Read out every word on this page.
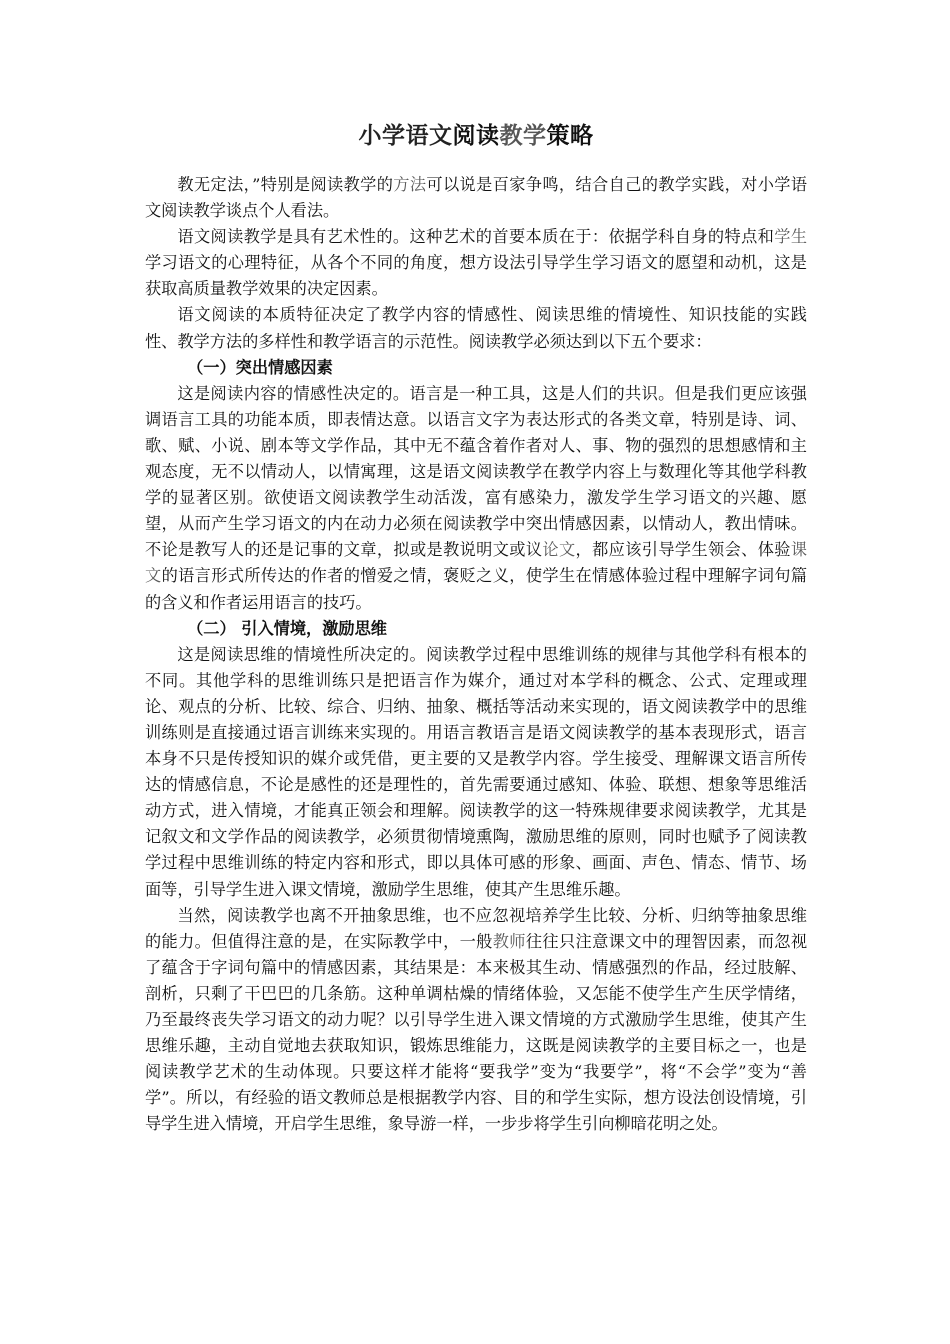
小学语文阅读教学策略

教无定法，”特别是阅读教学的方法可以说是百家争鸣，结合自己的教学实践，对小学语文阅读教学谈点个人看法。

语文阅读教学是具有艺术性的。这种艺术的首要本质在于：依据学科自身的特点和学生学习语文的心理特征，从各个不同的角度，想方设法引导学生学习语文的愿望和动机，这是获取高质量教学效果的决定因素。

语文阅读的本质特征决定了教学内容的情感性、阅读思维的情境性、知识技能的实践性、教学方法的多样性和教学语言的示范性。阅读教学必须达到以下五个要求：

（一）突出情感因素

这是阅读内容的情感性决定的。语言是一种工具，这是人们的共识。但是我们更应该强调语言工具的功能本质，即表情达意。以语言文字为表达形式的各类文章，特别是诗、词、歌、赋、小说、剧本等文学作品，其中无不蕴含着作者对人、事、物的强烈的思想感情和主观态度，无不以情动人，以情寓理，这是语文阅读教学在教学内容上与数理化等其他学科教学的显著区别。欲使语文阅读教学生动活泼，富有感染力，激发学生学习语文的兴趣、愿望，从而产生学习语文的内在动力必须在阅读教学中突出情感因素，以情动人，教出情味。不论是教写人的还是记事的文章，拟或是教说明文或议论文，都应该引导学生领会、体验课文的语言形式所传达的作者的憎爱之情，褒贬之义，使学生在情感体验过程中理解字词句篇的含义和作者运用语言的技巧。

（二） 引入情境，激励思维

这是阅读思维的情境性所决定的。阅读教学过程中思维训练的规律与其他学科有根本的不同。其他学科的思维训练只是把语言作为媒介，通过对本学科的概念、公式、定理或理论、观点的分析、比较、综合、归纳、抽象、概括等活动来实现的，语文阅读教学中的思维训练则是直接通过语言训练来实现的。用语言教语言是语文阅读教学的基本表现形式，语言本身不只是传授知识的媒介或凭借，更主要的又是教学内容。学生接受、理解课文语言所传达的情感信息，不论是感性的还是理性的，首先需要通过感知、体验、联想、想象等思维活动方式，进入情境，才能真正领会和理解。阅读教学的这一特殊规律要求阅读教学，尤其是记叙文和文学作品的阅读教学，必须贯彻情境熏陶，激励思维的原则，同时也赋予了阅读教学过程中思维训练的特定内容和形式，即以具体可感的形象、画面、声色、情态、情节、场面等，引导学生进入课文情境，激励学生思维，使其产生思维乐趣。

当然，阅读教学也离不开抽象思维，也不应忽视培养学生比较、分析、归纳等抽象思维的能力。但值得注意的是，在实际教学中，一般教师往往只注意课文中的理智因素，而忽视了蕴含于字词句篇中的情感因素，其结果是：本来极其生动、情感强烈的作品，经过肢解、剖析，只剩了干巴巴的几条筋。这种单调枯燥的情绪体验，又怎能不使学生产生厌学情绪，乃至最终丧失学习语文的动力呢？以引导学生进入课文情境的方式激励学生思维，使其产生思维乐趣，主动自觉地去获取知识，锻炼思维能力，这既是阅读教学的主要目标之一，也是阅读教学艺术的生动体现。只要这样才能将“要我学”变为“我要学”，将“不会学”变为“善学”。所以，有经验的语文教师总是根据教学内容、目的和学生实际，想方设法创设情境，引导学生进入情境，开启学生思维，象导游一样，一步步将学生引向柳暗花明之处。
